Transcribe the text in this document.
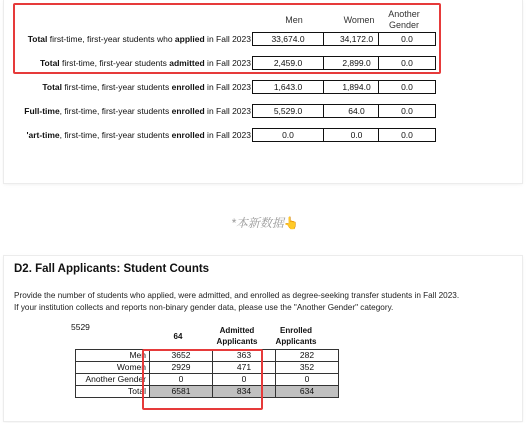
Men	Women
Another Gender
Total first-time, first-year students who applied in Fall 2023	33,674.0	34,172.0	0.0
Total first-time, first-year students admitted in Fall 2023	2,459.0	2,899.0	0.0
Total first-time, first-year students enrolled in Fall 2023	1,643.0	1,894.0	0.0
Full-time, first-time, first-year students enrolled in Fall 2023	5,529.0	64.0	0.0
'art-time, first-time, first-year students enrolled in Fall 2023	0.0	0.0	0.0
*本新数据👆
D2. Fall Applicants: Student Counts
Provide the number of students who applied, were admitted, and enrolled as degree-seeking transfer students in Fall 2023.
If your institution collects and reports non-binary gender data, please use the "Another Gender" category.
5529
64
Admitted Applicants
Enrolled Applicants
Men	3652	363	282
Women	2929	471	352
Another Gender	0	0	0
Total	6581	834	634
